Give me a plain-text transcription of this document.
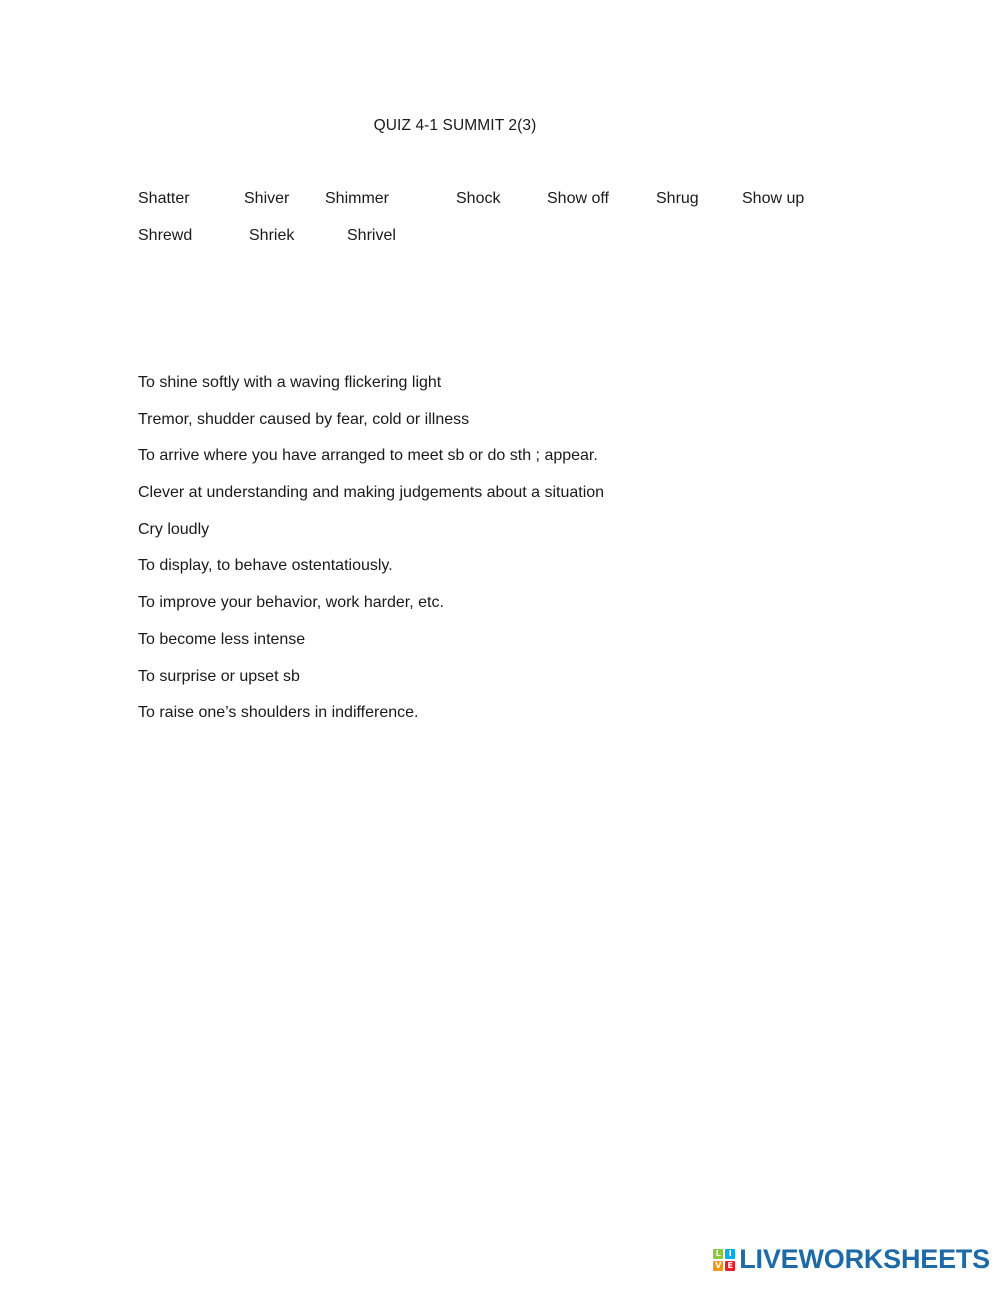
QUIZ 4-1 SUMMIT 2(3)
Shatter	Shiver Shimmer	Shock	Show off	Shrug	Show up
Shrewd	Shriek	Shrivel
To shine softly with a waving flickering light
Tremor, shudder caused by fear, cold or illness
To arrive where you have arranged to meet sb or do sth ; appear.
Clever at understanding and making judgements about a situation
Cry loudly
To display, to behave ostentatiously.
To improve your behavior, work harder, etc.
To become less intense
To surprise or upset sb
To raise one’s shoulders in indifference.
L I
V E LIVEWORKSHEETS
